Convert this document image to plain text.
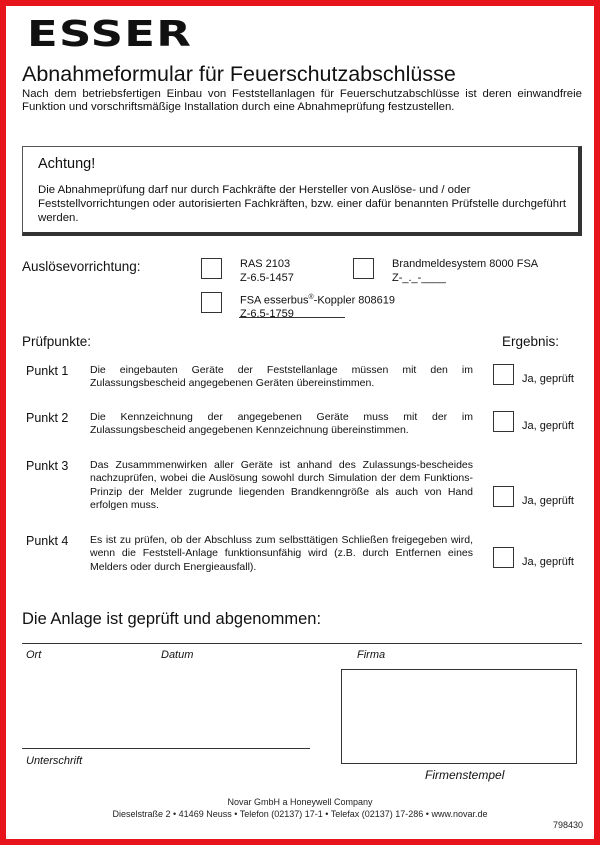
ESSER
Abnahmeformular für Feuerschutzabschlüsse
Nach dem betriebsfertigen Einbau von Feststellanlagen für Feuerschutzabschlüsse ist deren einwandfreie Funktion und vorschriftsmäßige Installation durch eine Abnahmeprüfung festzustellen.
Achtung!
Die Abnahmeprüfung darf nur durch Fachkräfte der Hersteller von Auslöse- und / oder Feststellvorrichtungen oder autorisierten Fachkräften, bzw. einer dafür benannten Prüfstelle durchgeführt werden.
Auslösevorrichtung:	RAS 2103
Z-6.5-1457
Brandmeldesystem 8000 FSA
Z-_._-____
FSA esserbus®-Koppler 808619
Z-6.5-1759
Prüfpunkte:	Ergebnis:
Punkt 1 Die eingebauten Geräte der Feststellanlage müssen mit den im Zulassungsbescheid angegebenen Geräten übereinstimmen.	Ja, geprüft
Punkt 2 Die Kennzeichnung der angegebenen Geräte muss mit der im Zulassungsbescheid angegebenen Kennzeichnung übereinstimmen.	Ja, geprüft
Punkt 3 Das Zusammmenwirken aller Geräte ist anhand des Zulassungs-bescheides nachzuprüfen, wobei die Auslösung sowohl durch Simulation der dem Funktions-Prinzip der Melder zugrunde liegenden Brandkenngröße als auch von Hand erfolgen muss.	Ja, geprüft
Punkt 4 Es ist zu prüfen, ob der Abschluss zum selbsttätigen Schließen freigegeben wird, wenn die Feststell-Anlage funktionsunfähig wird (z.B. durch Entfernen eines Melders oder durch Energieausfall).	Ja, geprüft
Die Anlage ist geprüft und abgenommen:
Ort	Datum	Firma
Unterschrift
Firmenstempel
Novar GmbH a Honeywell Company
Dieselstraße 2 • 41469 Neuss • Telefon (02137) 17-1 • Telefax (02137) 17-286 • www.novar.de
798430
